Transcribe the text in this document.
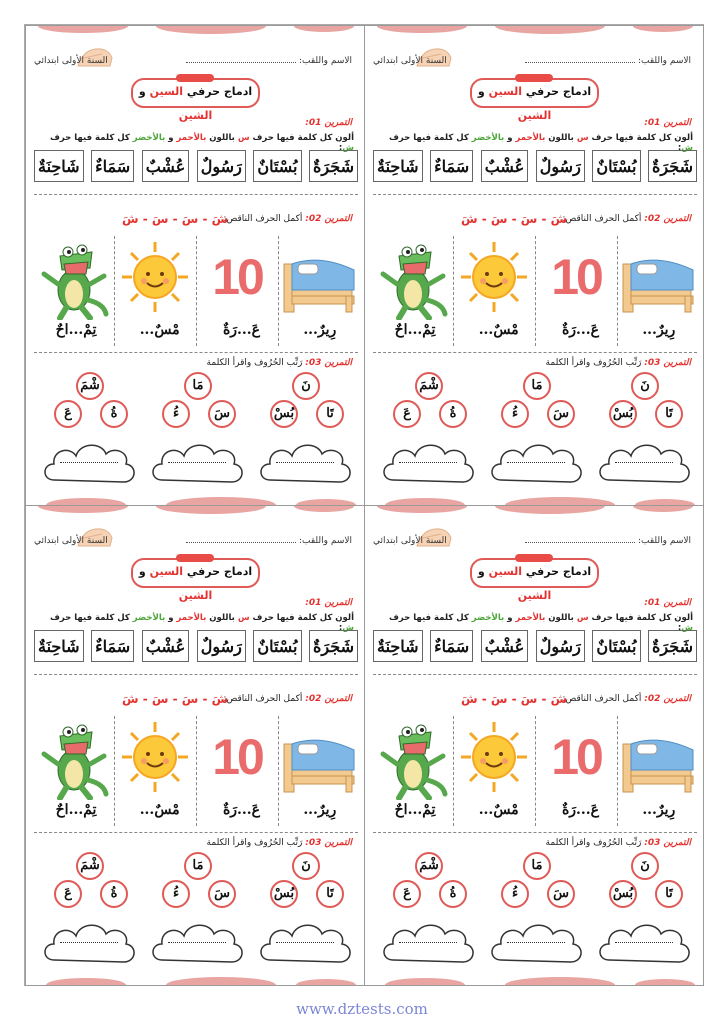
السنة الأولى ابتدائي	الاسم واللقب:
ادماج حرفي السين و الشين
التمرين 01:
ألون كل كلمة فيها حرف س باللون بالأحمر و بالأخضر كل كلمة فيها حرف ش:
شَجَرَةٌ
بُسْتَانٌ
رَسُولٌ
عُشْبٌ
سَمَاءٌ
شَاحِنَةٌ
التمرين 02: أكمل الحرف الناقص:
شَ - سَ - سَ - شَ
10
...رِيرٌ
عَ...رَةٌ
...مْسٌ
تِمْ...احٌ
التمرين 03: رَتِّب الحُرُوف واقرأ الكلمة
نَ
بُسْ	تَا
مَا
ءُ	سَ
شْمَ
عَ	ةُ
السنة الأولى ابتدائي	الاسم واللقب:
ادماج حرفي السين و الشين
التمرين 01:
ألون كل كلمة فيها حرف س باللون بالأحمر و بالأخضر كل كلمة فيها حرف ش:
شَجَرَةٌ
بُسْتَانٌ
رَسُولٌ
عُشْبٌ
سَمَاءٌ
شَاحِنَةٌ
التمرين 02: أكمل الحرف الناقص:
شَ - سَ - سَ - شَ
10
...رِيرٌ
عَ...رَةٌ
...مْسٌ
تِمْ...احٌ
التمرين 03: رَتِّب الحُرُوف واقرأ الكلمة
نَ
بُسْ	تَا
مَا
ءُ	سَ
شْمَ
عَ	ةُ
السنة الأولى ابتدائي	الاسم واللقب:
ادماج حرفي السين و الشين
التمرين 01:
ألون كل كلمة فيها حرف س باللون بالأحمر و بالأخضر كل كلمة فيها حرف ش:
شَجَرَةٌ
بُسْتَانٌ
رَسُولٌ
عُشْبٌ
سَمَاءٌ
شَاحِنَةٌ
التمرين 02: أكمل الحرف الناقص:
شَ - سَ - سَ - شَ
10
...رِيرٌ
عَ...رَةٌ
...مْسٌ
تِمْ...احٌ
التمرين 03: رَتِّب الحُرُوف واقرأ الكلمة
نَ
بُسْ	تَا
مَا
ءُ	سَ
شْمَ
عَ	ةُ
السنة الأولى ابتدائي	الاسم واللقب:
ادماج حرفي السين و الشين
التمرين 01:
ألون كل كلمة فيها حرف س باللون بالأحمر و بالأخضر كل كلمة فيها حرف ش:
شَجَرَةٌ
بُسْتَانٌ
رَسُولٌ
عُشْبٌ
سَمَاءٌ
شَاحِنَةٌ
التمرين 02: أكمل الحرف الناقص:
شَ - سَ - سَ - شَ
10
...رِيرٌ
عَ...رَةٌ
...مْسٌ
تِمْ...احٌ
التمرين 03: رَتِّب الحُرُوف واقرأ الكلمة
نَ
بُسْ	تَا
مَا
ءُ	سَ
شْمَ
عَ	ةُ
www.dztests.com
